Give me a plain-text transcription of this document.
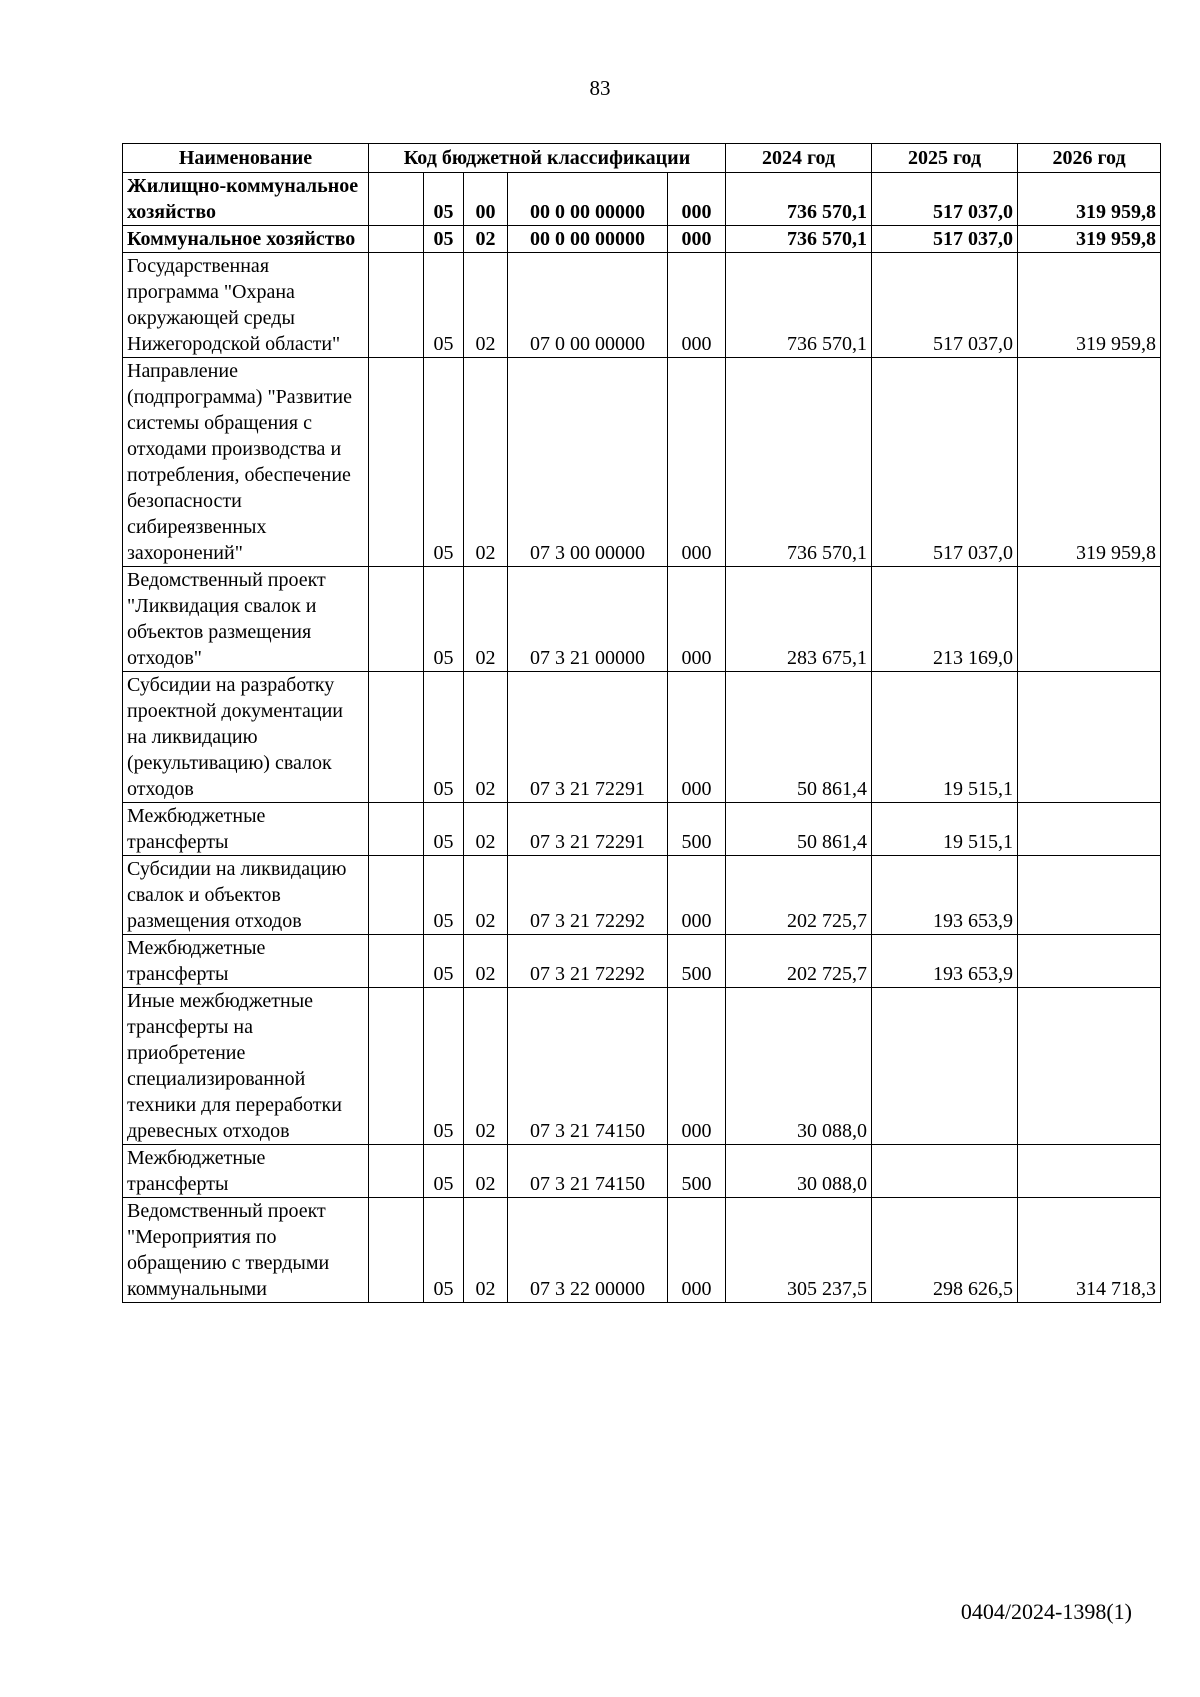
83
Наименование	Код бюджетной классификации					2024 год	2025 год	2026 год
Жилищно-коммунальное хозяйство		05	00	00 0 00 00000	000	736 570,1	517 037,0	319 959,8
Коммунальное хозяйство		05	02	00 0 00 00000	000	736 570,1	517 037,0	319 959,8
Государственная программа "Охрана окружающей среды Нижегородской области"		05	02	07 0 00 00000	000	736 570,1	517 037,0	319 959,8
Направление (подпрограмма) "Развитие системы обращения с отходами производства и потребления, обеспечение безопасности сибиреязвенных захоронений"		05	02	07 3 00 00000	000	736 570,1	517 037,0	319 959,8
Ведомственный проект "Ликвидация свалок и объектов размещения отходов"		05	02	07 3 21 00000	000	283 675,1	213 169,0	
Субсидии на разработку проектной документации на ликвидацию (рекультивацию) свалок отходов		05	02	07 3 21 72291	000	50 861,4	19 515,1	
Межбюджетные трансферты		05	02	07 3 21 72291	500	50 861,4	19 515,1	
Субсидии на ликвидацию свалок и объектов размещения отходов		05	02	07 3 21 72292	000	202 725,7	193 653,9	
Межбюджетные трансферты		05	02	07 3 21 72292	500	202 725,7	193 653,9	
Иные межбюджетные трансферты на приобретение специализированной техники для переработки древесных отходов		05	02	07 3 21 74150	000	30 088,0		
Межбюджетные трансферты		05	02	07 3 21 74150	500	30 088,0		
Ведомственный проект "Мероприятия по обращению с твердыми коммунальными		05	02	07 3 22 00000	000	305 237,5	298 626,5	314 718,3
0404/2024-1398(1)
